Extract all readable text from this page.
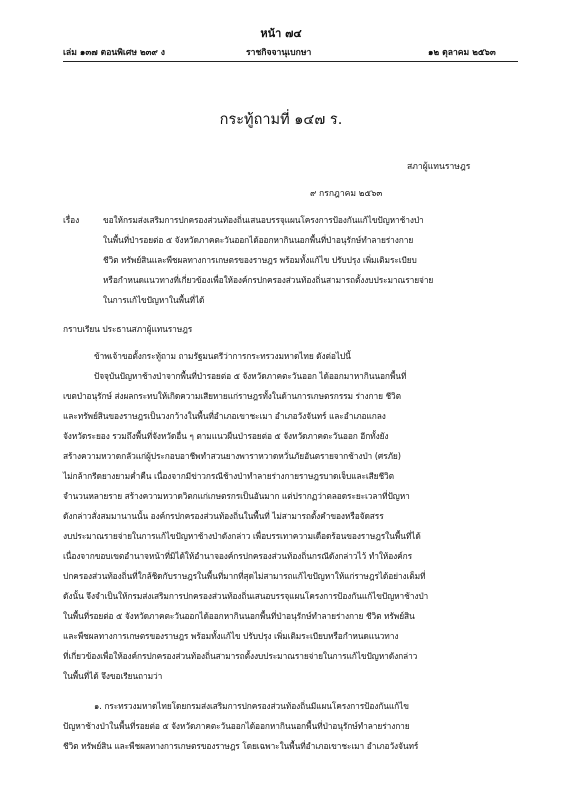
หน้า ๗๔
เล่ม ๑๓๗ ตอนพิเศษ ๒๓๙ ง	ราชกิจจานุเบกษา	๑๒ ตุลาคม ๒๕๖๓
กระทู้ถามที่ ๑๔๗ ร.
สภาผู้แทนราษฎร
๙ กรกฎาคม ๒๕๖๓
เรื่อง	ขอให้กรมส่งเสริมการปกครองส่วนท้องถิ่นเสนอบรรจุแผนโครงการป้องกันแก้ไขปัญหาช้างป่า
ในพื้นที่ป่ารอยต่อ ๕ จังหวัดภาคตะวันออกได้ออกหากินนอกพื้นที่ป่าอนุรักษ์ทำลายร่างกาย
ชีวิต ทรัพย์สินและพืชผลทางการเกษตรของราษฎร พร้อมทั้งแก้ไข ปรับปรุง เพิ่มเติมระเบียบ
หรือกำหนดแนวทางที่เกี่ยวข้องเพื่อให้องค์กรปกครองส่วนท้องถิ่นสามารถตั้งงบประมาณรายจ่าย
ในการแก้ไขปัญหาในพื้นที่ได้
กราบเรียน ประธานสภาผู้แทนราษฎร
ข้าพเจ้าขอตั้งกระทู้ถาม ถามรัฐมนตรีว่าการกระทรวงมหาดไทย ดังต่อไปนี้
ปัจจุบันปัญหาช้างป่าจากพื้นที่ป่ารอยต่อ ๕ จังหวัดภาคตะวันออก ได้ออกมาหากินนอกพื้นที่
เขตป่าอนุรักษ์ ส่งผลกระทบให้เกิดความเสียหายแก่ราษฎรทั้งในด้านการเกษตรกรรม ร่างกาย ชีวิต
และทรัพย์สินของราษฎรเป็นวงกว้างในพื้นที่อำเภอเขาชะเมา อำเภอวังจันทร์ และอำเภอแกลง
จังหวัดระยอง รวมถึงพื้นที่จังหวัดอื่น ๆ ตามแนวผืนป่ารอยต่อ ๕ จังหวัดภาคตะวันออก อีกทั้งยัง
สร้างความหวาดกลัวแก่ผู้ประกอบอาชีพทำสวนยางพาราหวาดหวั่นภัยอันตรายจากช้างป่า (ศรภัย)
ไม่กล้ากรีดยางยามค่ำคืน เนื่องจากมีข่าวกรณีช้างป่าทำลายร่างกายราษฎรบาดเจ็บและเสียชีวิต
จำนวนหลายราย สร้างความหวาดวิตกแก่เกษตรกรเป็นอันมาก แต่ปรากฏว่าตลอดระยะเวลาที่ปัญหา
ดังกล่าวสั่งสมมานานนั้น องค์กรปกครองส่วนท้องถิ่นในพื้นที่ ไม่สามารถตั้งคำของหรือจัดสรร
งบประมาณรายจ่ายในการแก้ไขปัญหาช้างป่าดังกล่าว เพื่อบรรเทาความเดือดร้อนของราษฎรในพื้นที่ได้
เนื่องจากขอบเขตอำนาจหน้าที่มิได้ให้อำนาจองค์กรปกครองส่วนท้องถิ่นกรณีดังกล่าวไว้ ทำให้องค์กร
ปกครองส่วนท้องถิ่นที่ใกล้ชิดกับราษฎรในพื้นที่มากที่สุดไม่สามารถแก้ไขปัญหาให้แก่ราษฎรได้อย่างเต็มที่
ดังนั้น จึงจำเป็นให้กรมส่งเสริมการปกครองส่วนท้องถิ่นเสนอบรรจุแผนโครงการป้องกันแก้ไขปัญหาช้างป่า
ในพื้นที่รอยต่อ ๕ จังหวัดภาคตะวันออกได้ออกหากินนอกพื้นที่ป่าอนุรักษ์ทำลายร่างกาย ชีวิต ทรัพย์สิน
และพืชผลทางการเกษตรของราษฎร พร้อมทั้งแก้ไข ปรับปรุง เพิ่มเติมระเบียบหรือกำหนดแนวทาง
ที่เกี่ยวข้องเพื่อให้องค์กรปกครองส่วนท้องถิ่นสามารถตั้งงบประมาณรายจ่ายในการแก้ไขปัญหาดังกล่าว
ในพื้นที่ได้ จึงขอเรียนถามว่า
๑. กระทรวงมหาดไทยโดยกรมส่งเสริมการปกครองส่วนท้องถิ่นมีแผนโครงการป้องกันแก้ไข
ปัญหาช้างป่าในพื้นที่รอยต่อ ๕ จังหวัดภาคตะวันออกได้ออกหากินนอกพื้นที่ป่าอนุรักษ์ทำลายร่างกาย
ชีวิต ทรัพย์สิน และพืชผลทางการเกษตรของราษฎร โดยเฉพาะในพื้นที่อำเภอเขาชะเมา อำเภอวังจันทร์
